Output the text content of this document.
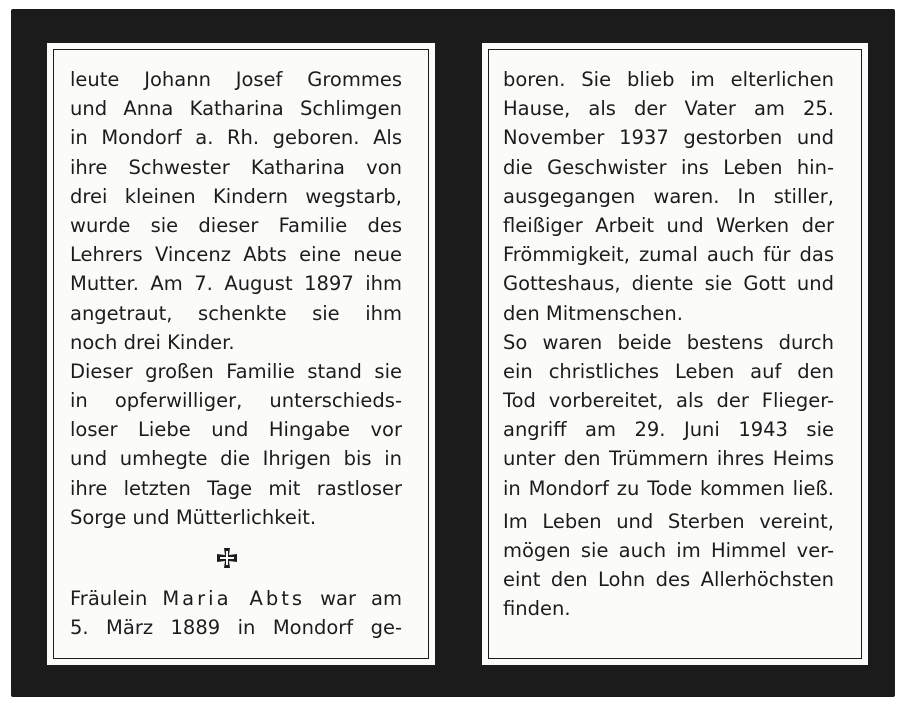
leute Johann Josef Grommes
und Anna Katharina Schlimgen
in Mondorf a. Rh. geboren. Als
ihre Schwester Katharina von
drei kleinen Kindern wegstarb,
wurde sie dieser Familie des
Lehrers Vincenz Abts eine neue
Mutter. Am 7. August 1897 ihm
angetraut, schenkte sie ihm
noch drei Kinder.
Dieser großen Familie stand sie
in opferwilliger, unterschieds-
loser Liebe und Hingabe vor
und umhegte die Ihrigen bis in
ihre letzten Tage mit rastloser
Sorge und Mütterlichkeit.
Fräulein Maria Abts war am
5. März 1889 in Mondorf ge-
boren. Sie blieb im elterlichen
Hause, als der Vater am 25.
November 1937 gestorben und
die Geschwister ins Leben hin-
ausgegangen waren. In stiller,
fleißiger Arbeit und Werken der
Frömmigkeit, zumal auch für das
Gotteshaus, diente sie Gott und
den Mitmenschen.
So waren beide bestens durch
ein christliches Leben auf den
Tod vorbereitet, als der Flieger-
angriff am 29. Juni 1943 sie
unter den Trümmern ihres Heims
in Mondorf zu Tode kommen ließ.
Im Leben und Sterben vereint,
mögen sie auch im Himmel ver-
eint den Lohn des Allerhöchsten
finden.
